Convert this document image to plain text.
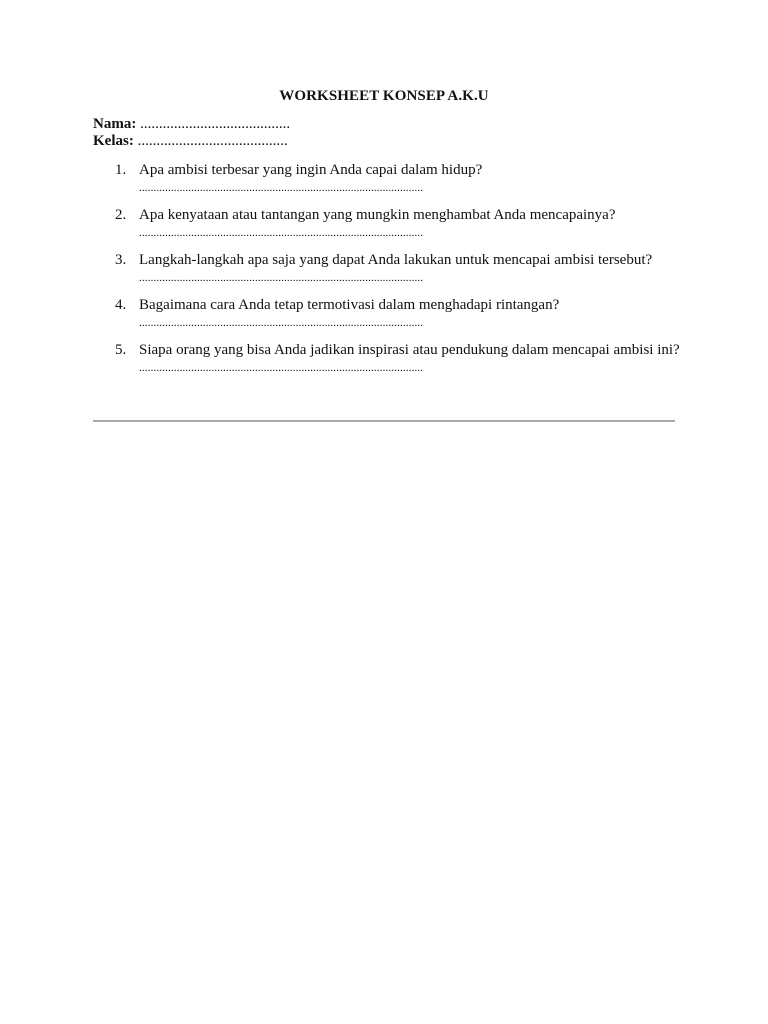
WORKSHEET KONSEP A.K.U
Nama: ........................................
Kelas: ........................................
1. Apa ambisi terbesar yang ingin Anda capai dalam hidup?
..................................................................................................
2. Apa kenyataan atau tantangan yang mungkin menghambat Anda mencapainya?
..................................................................................................
3. Langkah-langkah apa saja yang dapat Anda lakukan untuk mencapai ambisi tersebut?
..................................................................................................
4. Bagaimana cara Anda tetap termotivasi dalam menghadapi rintangan?
..................................................................................................
5. Siapa orang yang bisa Anda jadikan inspirasi atau pendukung dalam mencapai ambisi ini?
..................................................................................................
